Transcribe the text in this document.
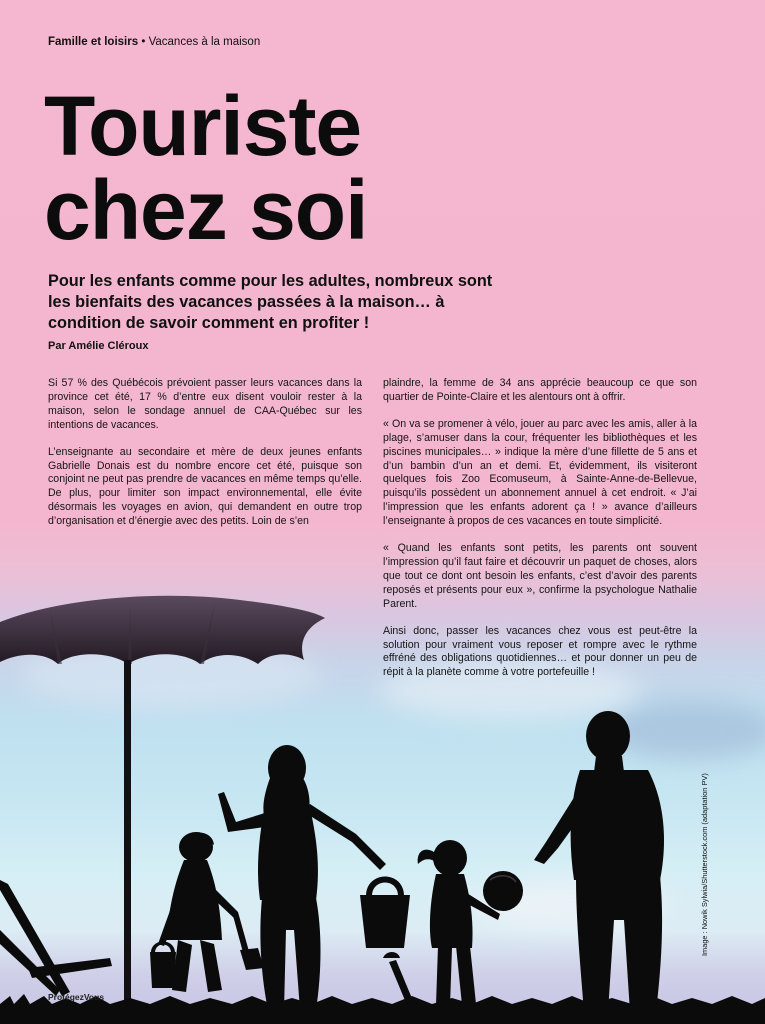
Famille et loisirs • Vacances à la maison
Touriste
chez soi

Pour les enfants comme pour les adultes, nombreux sont les bienfaits des vacances passées à la maison… à condition de savoir comment en profiter !

Par Amélie Cléroux

Si 57 % des Québécois prévoient passer leurs vacances dans la province cet été, 17 % d’entre eux disent vouloir rester à la maison, selon le sondage annuel de CAA-Québec sur les intentions de vacances.

L’enseignante au secondaire et mère de deux jeunes enfants Gabrielle Donais est du nombre encore cet été, puisque son conjoint ne peut pas prendre de vacances en même temps qu’elle. De plus, pour limiter son impact environnemental, elle évite désormais les voyages en avion, qui demandent en outre trop d’organisation et d’énergie avec des petits. Loin de s’en

plaindre, la femme de 34 ans apprécie beaucoup ce que son quartier de Pointe-Claire et les alentours ont à offrir.

« On va se promener à vélo, jouer au parc avec les amis, aller à la plage, s’amuser dans la cour, fréquenter les bibliothèques et les piscines municipales… » indique la mère d’une fillette de 5 ans et d’un bambin d’un an et demi. Et, évidemment, ils visiteront quelques fois Zoo Ecomuseum, à Sainte-Anne-de-Bellevue, puisqu’ils possèdent un abonnement annuel à cet endroit. « J’ai l’impression que les enfants adorent ça ! » avance d’ailleurs l’enseignante à propos de ces vacances en toute simplicité.

« Quand les enfants sont petits, les parents ont souvent l’impression qu’il faut faire et découvrir un paquet de choses, alors que tout ce dont ont besoin les enfants, c’est d’avoir des parents reposés et présents pour eux », confirme la psychologue Nathalie Parent.

Ainsi donc, passer les vacances chez vous est peut-être la solution pour vraiment vous reposer et rompre avec le rythme effréné des obligations quotidiennes… et pour donner un peu de répit à la planète comme à votre portefeuille !

Image : Nowik Sylwia/Shutterstock.com (adaptation PV)
ProtégezVous
